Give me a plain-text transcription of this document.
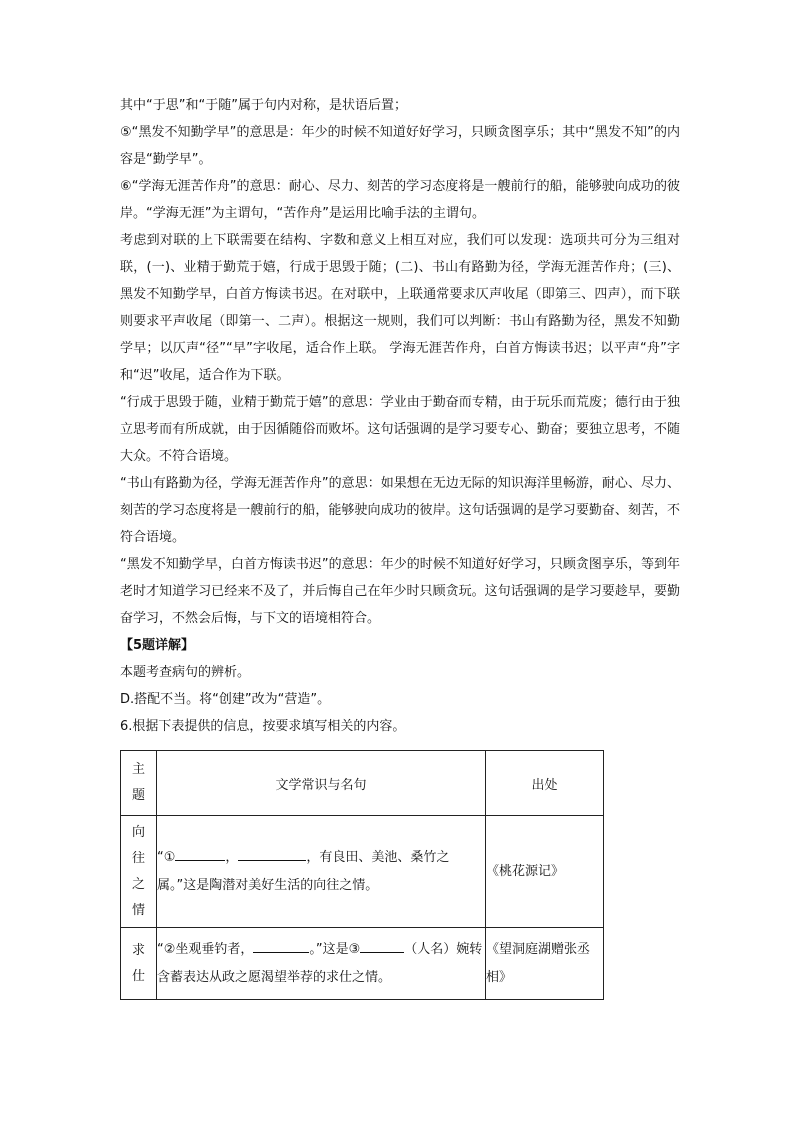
其中“于思”和“于随”属于句内对称，是状语后置；

⑤“黑发不知勤学早”的意思是：年少的时候不知道好好学习，只顾贪图享乐；其中“黑发不知”的内容是“勤学早”。

⑥“学海无涯苦作舟”的意思：耐心、尽力、刻苦的学习态度将是一艘前行的船，能够驶向成功的彼岸。“学海无涯”为主谓句，“苦作舟”是运用比喻手法的主谓句。

考虑到对联的上下联需要在结构、字数和意义上相互对应，我们可以发现：选项共可分为三组对联，(一)、业精于勤荒于嬉，行成于思毁于随；(二)、书山有路勤为径，学海无涯苦作舟；(三)、黑发不知勤学早，白首方悔读书迟。在对联中，上联通常要求仄声收尾（即第三、四声），而下联则要求平声收尾（即第一、二声）。根据这一规则，我们可以判断：书山有路勤为径，黑发不知勤学早；以仄声“径”“早”字收尾，适合作上联。 学海无涯苦作舟，白首方悔读书迟；以平声“舟”字和“迟”收尾，适合作为下联。

“行成于思毁于随，业精于勤荒于嬉”的意思：学业由于勤奋而专精，由于玩乐而荒废；德行由于独立思考而有所成就，由于因循随俗而败坏。这句话强调的是学习要专心、勤奋；要独立思考，不随大众。不符合语境。

“书山有路勤为径，学海无涯苦作舟”的意思：如果想在无边无际的知识海洋里畅游，耐心、尽力、刻苦的学习态度将是一艘前行的船，能够驶向成功的彼岸。这句话强调的是学习要勤奋、刻苦，不符合语境。

“黑发不知勤学早，白首方悔读书迟”的意思：年少的时候不知道好好学习，只顾贪图享乐，等到年老时才知道学习已经来不及了，并后悔自己在年少时只顾贪玩。这句话强调的是学习要趁早，要勤奋学习，不然会后悔，与下文的语境相符合。

【5题详解】

本题考查病句的辨析。

D.搭配不当。将“创建”改为“营造”。

6.根据下表提供的信息，按要求填写相关的内容。

主题	文学常识与名句	出处

向往之情	“① ， ，有良田、美池、桑竹之属。”这是陶潜对美好生活的向往之情。	《桃花源记》

求仕	“②坐观垂钓者， 。”这是③ （人名）婉转含蓄表达从政之愿渴望举荐的求仕之情。	《望洞庭湖赠张丞相》
